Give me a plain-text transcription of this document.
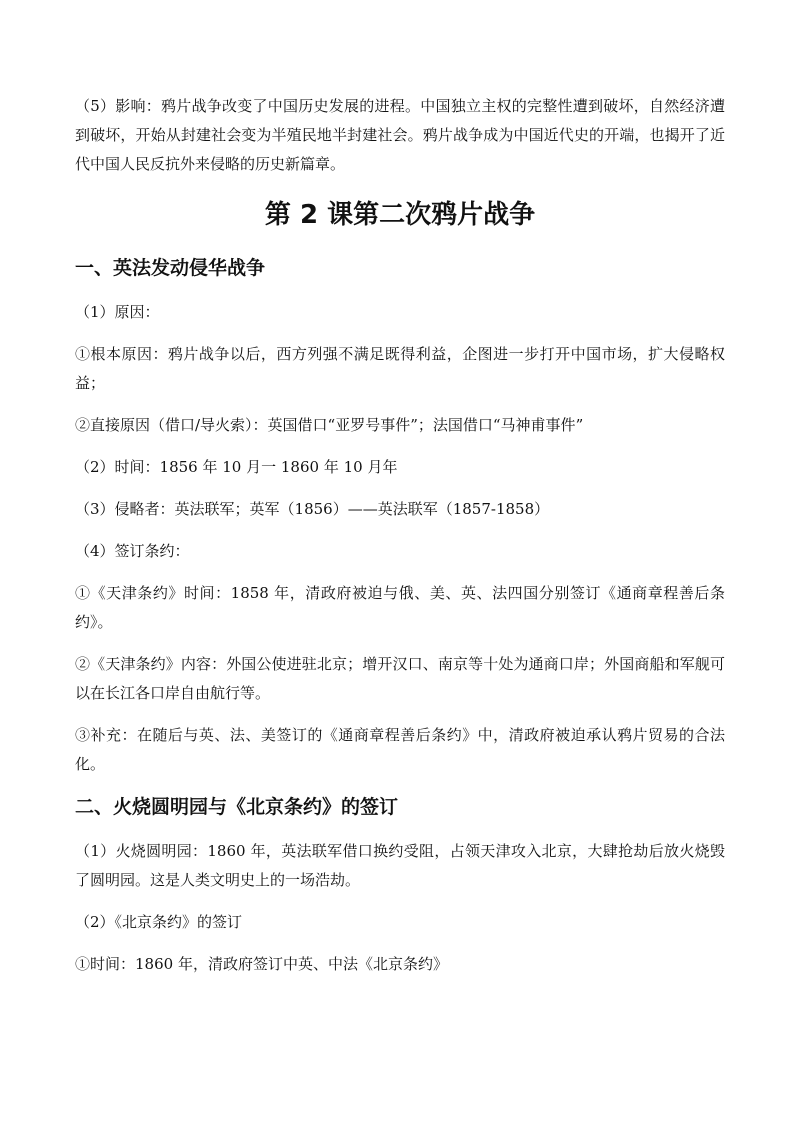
（5）影响：鸦片战争改变了中国历史发展的进程。中国独立主权的完整性遭到破坏，自然经济遭到破坏，开始从封建社会变为半殖民地半封建社会。鸦片战争成为中国近代史的开端，也揭开了近代中国人民反抗外来侵略的历史新篇章。

第 2 课第二次鸦片战争
一、英法发动侵华战争

（1）原因：

①根本原因：鸦片战争以后，西方列强不满足既得利益，企图进一步打开中国市场，扩大侵略权益；

②直接原因（借口/导火索）：英国借口“亚罗号事件”；法国借口“马神甫事件”

（2）时间：1856 年 10 月一 1860 年 10 月年

（3）侵略者：英法联军；英军（1856）——英法联军（1857-1858）

（4）签订条约：

①《天津条约》时间：1858 年，清政府被迫与俄、美、英、法四国分别签订《通商章程善后条约》。

②《天津条约》内容：外国公使进驻北京；增开汉口、南京等十处为通商口岸；外国商船和军舰可以在长江各口岸自由航行等。

③补充：在随后与英、法、美签订的《通商章程善后条约》中，清政府被迫承认鸦片贸易的合法化。

二、火烧圆明园与《北京条约》的签订

（1）火烧圆明园：1860 年，英法联军借口换约受阻，占领天津攻入北京，大肆抢劫后放火烧毁了圆明园。这是人类文明史上的一场浩劫。

（2）《北京条约》的签订

①时间：1860 年，清政府签订中英、中法《北京条约》
